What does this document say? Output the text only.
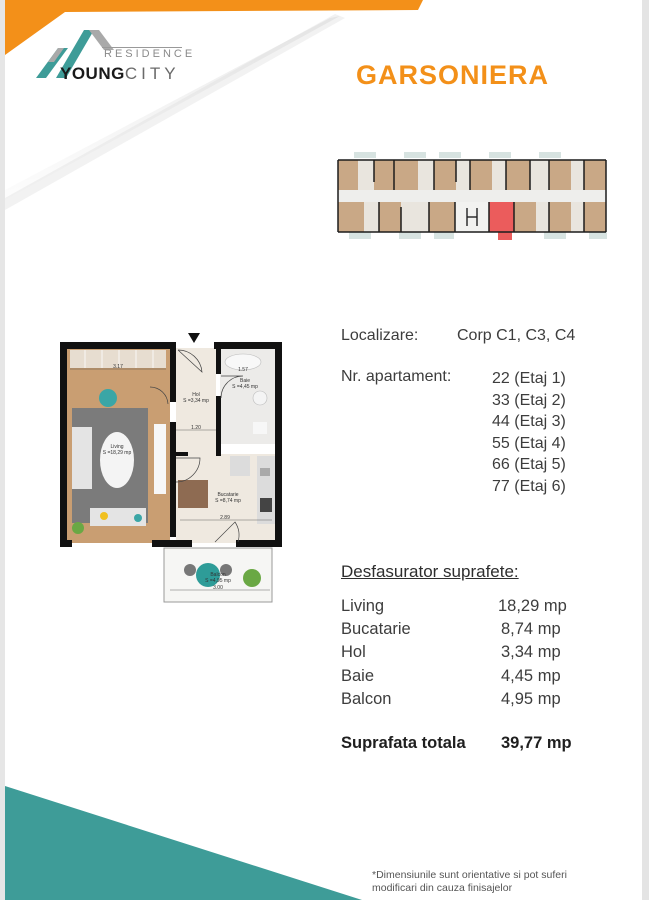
RESIDENCE
YOUNGCITY	GARSONIERA
3.17
Living
S =18,29 mp
Hol
S =3,34 mp
1.20
Baie
S =4,45 mp
1.57
Bucatarie
S =8,74 mp
2.89
Balcon
S =4,95 mp
3.00
Localizare: Corp C1, C3, C4
Nr. apartament:	22 (Etaj 1)
33 (Etaj 2)
44 (Etaj 3)
55 (Etaj 4)
66 (Etaj 5)
77 (Etaj 6)
Desfasurator suprafete:
Living	18,29 mp
Bucatarie	8,74 mp
Hol	3,34 mp
Baie	4,45 mp
Balcon	4,95 mp
Suprafata totala 39,77 mp
*Dimensiunile sunt orientative si pot suferi
modificari din cauza finisajelor
